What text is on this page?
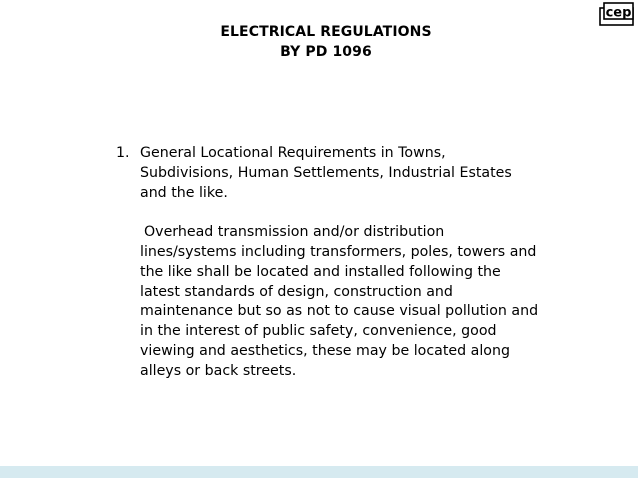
ELECTRICAL REGULATIONS
BY PD 1096
cep
1. General Locational Requirements in Towns,
Subdivisions, Human Settlements, Industrial Estates
and the like.
Overhead transmission and/or distribution
lines/systems including transformers, poles, towers and
the like shall be located and installed following the
latest standards of design, construction and
maintenance but so as not to cause visual pollution and
in the interest of public safety, convenience, good
viewing and aesthetics, these may be located along
alleys or back streets.
